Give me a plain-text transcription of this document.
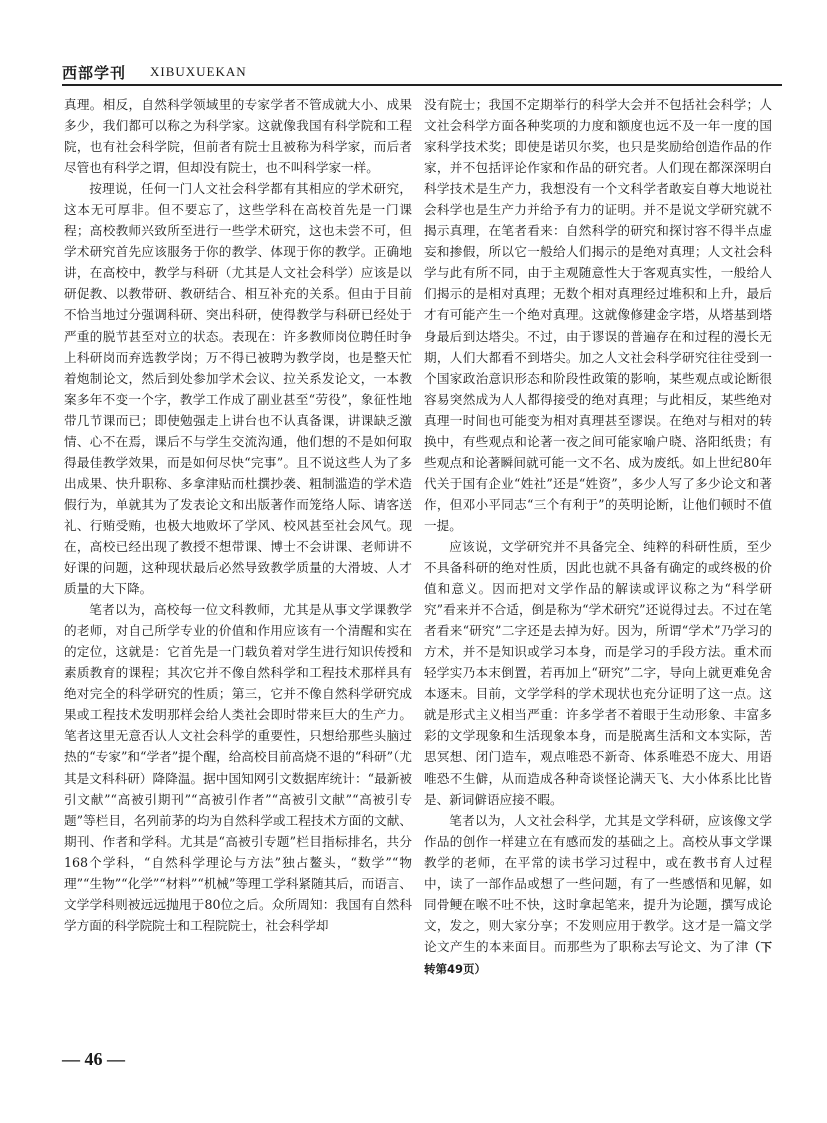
西部学刊 XIBUXUEKAN

真理。相反，自然科学领域里的专家学者不管成就大小、成果多少，我们都可以称之为科学家。这就像我国有科学院和工程院，也有社会科学院，但前者有院士且被称为科学家，而后者尽管也有科学之谓，但却没有院士，也不叫科学家一样。

按理说，任何一门人文社会科学都有其相应的学术研究，这本无可厚非。但不要忘了，这些学科在高校首先是一门课程；高校教师兴致所至进行一些学术研究，这也未尝不可，但学术研究首先应该服务于你的教学、体现于你的教学。正确地讲，在高校中，教学与科研（尤其是人文社会科学）应该是以研促教、以教带研、教研结合、相互补充的关系。但由于目前不恰当地过分强调科研、突出科研，使得教学与科研已经处于严重的脱节甚至对立的状态。表现在：许多教师岗位聘任时争上科研岗而弃选教学岗；万不得已被聘为教学岗，也是整天忙着炮制论文，然后到处参加学术会议、拉关系发论文，一本教案多年不变一个字，教学工作成了副业甚至“劳役”，象征性地带几节课而已；即使勉强走上讲台也不认真备课，讲课缺乏激情、心不在焉，课后不与学生交流沟通，他们想的不是如何取得最佳教学效果，而是如何尽快“完事”。且不说这些人为了多出成果、快升职称、多拿津贴而杜撰抄袭、粗制滥造的学术造假行为，单就其为了发表论文和出版著作而笼络人际、请客送礼、行贿受贿，也极大地败坏了学风、校风甚至社会风气。现在，高校已经出现了教授不想带课、博士不会讲课、老师讲不好课的问题，这种现状最后必然导致教学质量的大滑坡、人才质量的大下降。

笔者以为，高校每一位文科教师，尤其是从事文学课教学的老师，对自己所学专业的价值和作用应该有一个清醒和实在的定位，这就是：它首先是一门载负着对学生进行知识传授和素质教育的课程；其次它并不像自然科学和工程技术那样具有绝对完全的科学研究的性质；第三，它并不像自然科学研究成果或工程技术发明那样会给人类社会即时带来巨大的生产力。笔者这里无意否认人文社会科学的重要性，只想给那些头脑过热的“专家”和“学者”提个醒，给高校目前高烧不退的“科研”（尤其是文科科研）降降温。据中国知网引文数据库统计：“最新被引文献”“高被引期刊”“高被引作者”“高被引文献”“高被引专题”等栏目，名列前茅的均为自然科学或工程技术方面的文献、期刊、作者和学科。尤其是“高被引专题”栏目指标排名，共分168个学科，“自然科学理论与方法”独占鳌头，“数学”“物理”“生物”“化学”“材料”“机械”等理工学科紧随其后，而语言、文学学科则被远远抛甩于80位之后。众所周知：我国有自然科学方面的科学院院士和工程院院士，社会科学却

没有院士；我国不定期举行的科学大会并不包括社会科学；人文社会科学方面各种奖项的力度和额度也远不及一年一度的国家科学技术奖；即使是诺贝尔奖，也只是奖励给创造作品的作家，并不包括评论作家和作品的研究者。人们现在都深深明白科学技术是生产力，我想没有一个文科学者敢妄自尊大地说社会科学也是生产力并给予有力的证明。并不是说文学研究就不揭示真理，在笔者看来：自然科学的研究和探讨容不得半点虚妄和掺假，所以它一般给人们揭示的是绝对真理；人文社会科学与此有所不同，由于主观随意性大于客观真实性，一般给人们揭示的是相对真理；无数个相对真理经过堆积和上升，最后才有可能产生一个绝对真理。这就像修建金字塔，从塔基到塔身最后到达塔尖。不过，由于谬误的普遍存在和过程的漫长无期，人们大都看不到塔尖。加之人文社会科学研究往往受到一个国家政治意识形态和阶段性政策的影响，某些观点或论断很容易突然成为人人都得接受的绝对真理；与此相反，某些绝对真理一时间也可能变为相对真理甚至谬误。在绝对与相对的转换中，有些观点和论著一夜之间可能家喻户晓、洛阳纸贵；有些观点和论著瞬间就可能一文不名、成为废纸。如上世纪80年代关于国有企业“姓社”还是“姓资”，多少人写了多少论文和著作，但邓小平同志“三个有利于”的英明论断，让他们顿时不值一提。

应该说，文学研究并不具备完全、纯粹的科研性质，至少不具备科研的绝对性质，因此也就不具备有确定的或终极的价值和意义。因而把对文学作品的解读或评议称之为“科学研究”看来并不合适，倒是称为“学术研究”还说得过去。不过在笔者看来“研究”二字还是去掉为好。因为，所谓“学术”乃学习的方术，并不是知识或学习本身，而是学习的手段方法。重术而轻学实乃本末倒置，若再加上“研究”二字，导向上就更难免舍本逐末。目前，文学学科的学术现状也充分证明了这一点。这就是形式主义相当严重：许多学者不着眼于生动形象、丰富多彩的文学现象和生活现象本身，而是脱离生活和文本实际，苦思冥想、闭门造车，观点唯恐不新奇、体系唯恐不庞大、用语唯恐不生僻，从而造成各种奇谈怪论满天飞、大小体系比比皆是、新词僻语应接不暇。

笔者以为，人文社会科学，尤其是文学科研，应该像文学作品的创作一样建立在有感而发的基础之上。高校从事文学课教学的老师，在平常的读书学习过程中，或在教书育人过程中，读了一部作品或想了一些问题，有了一些感悟和见解，如同骨鲠在喉不吐不快，这时拿起笔来，提升为论题，撰写成论文，发之，则大家分享；不发则应用于教学。这才是一篇文学论文产生的本来面目。而那些为了职称去写论文、为了津（下转第49页）

— 46 —
